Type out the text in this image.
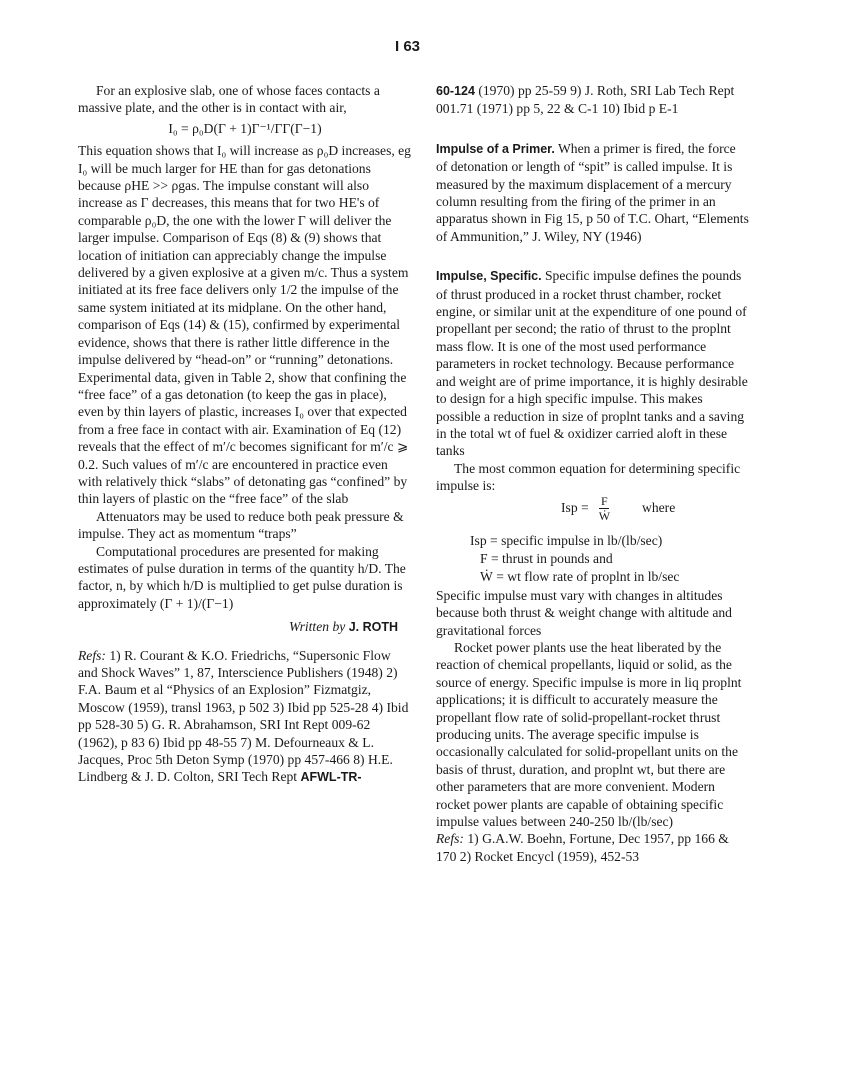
I 63

For an explosive slab, one of whose faces contacts a massive plate, and the other is in contact with air,

I₀ = ρ₀D(Γ + 1)Γ⁻¹/ΓΓ(Γ−1)

This equation shows that I₀ will increase as ρ₀D increases, eg I₀ will be much larger for HE than for gas detonations because ρHE >> ρgas. The impulse constant will also increase as Γ decreases, this means that for two HE's of comparable ρ₀D, the one with the lower Γ will deliver the larger impulse. Comparison of Eqs (8) & (9) shows that location of initiation can appreciably change the impulse delivered by a given explosive at a given m/c. Thus a system initiated at its free face delivers only 1/2 the impulse of the same system initiated at its midplane. On the other hand, comparison of Eqs (14) & (15), confirmed by experimental evidence, shows that there is rather little difference in the impulse delivered by “head-on” or “running” detonations. Experimental data, given in Table 2, show that confining the “free face” of a gas detonation (to keep the gas in place), even by thin layers of plastic, increases I₀ over that expected from a free face in contact with air. Examination of Eq (12) reveals that the effect of m′/c becomes significant for m′/c ⩾ 0.2. Such values of m′/c are encountered in practice even with relatively thick “slabs” of detonating gas “confined” by thin layers of plastic on the “free face” of the slab

Attenuators may be used to reduce both peak pressure & impulse. They act as momentum “traps”

Computational procedures are presented for making estimates of pulse duration in terms of the quantity h/D. The factor, n, by which h/D is multiplied to get pulse duration is approximately (Γ + 1)/(Γ−1)

Written by J. ROTH

Refs: 1) R. Courant & K.O. Friedrichs, “Supersonic Flow and Shock Waves” 1, 87, Interscience Publishers (1948) 2) F.A. Baum et al “Physics of an Explosion” Fizmatgiz, Moscow (1959), transl 1963, p 502 3) Ibid pp 525-28 4) Ibid pp 528-30 5) G. R. Abrahamson, SRI Int Rept 009-62 (1962), p 83 6) Ibid pp 48-55 7) M. Defourneaux & L. Jacques, Proc 5th Deton Symp (1970) pp 457-466 8) H.E. Lindberg & J. D. Colton, SRI Tech Rept AFWL-TR-

60-124 (1970) pp 25-59 9) J. Roth, SRI Lab Tech Rept 001.71 (1971) pp 5, 22 & C-1 10) Ibid p E-1

Impulse of a Primer. When a primer is fired, the force of detonation or length of “spit” is called impulse. It is measured by the maximum displacement of a mercury column resulting from the firing of the primer in an apparatus shown in Fig 15, p 50 of T.C. Ohart, “Elements of Ammunition,” J. Wiley, NY (1946)

Impulse, Specific. Specific impulse defines the pounds of thrust produced in a rocket thrust chamber, rocket engine, or similar unit at the expenditure of one pound of propellant per second; the ratio of thrust to the proplnt mass flow. It is one of the most used performance parameters in rocket technology. Because performance and weight are of prime importance, it is highly desirable to design for a high specific impulse. This makes possible a reduction in size of proplnt tanks and a saving in the total wt of fuel & oxidizer carried aloft in these tanks

The most common equation for determining specific impulse is:

Isp = $\frac{F}{\text{Ẇ}}$ where
Isp = specific impulse in lb/(lb/sec)
F = thrust in pounds and
Ẇ = wt flow rate of proplnt in lb/sec

Specific impulse must vary with changes in altitudes because both thrust & weight change with altitude and gravitational forces

Rocket power plants use the heat liberated by the reaction of chemical propellants, liquid or solid, as the source of energy. Specific impulse is more in liq proplnt applications; it is difficult to accurately measure the propellant flow rate of solid-propellant-rocket thrust producing units. The average specific impulse is occasionally calculated for solid-propellant units on the basis of thrust, duration, and proplnt wt, but there are other parameters that are more convenient. Modern rocket power plants are capable of obtaining specific impulse values between 240-250 lb/(lb/sec)

Refs: 1) G.A.W. Boehn, Fortune, Dec 1957, pp 166 & 170 2) Rocket Encycl (1959), 452-53
